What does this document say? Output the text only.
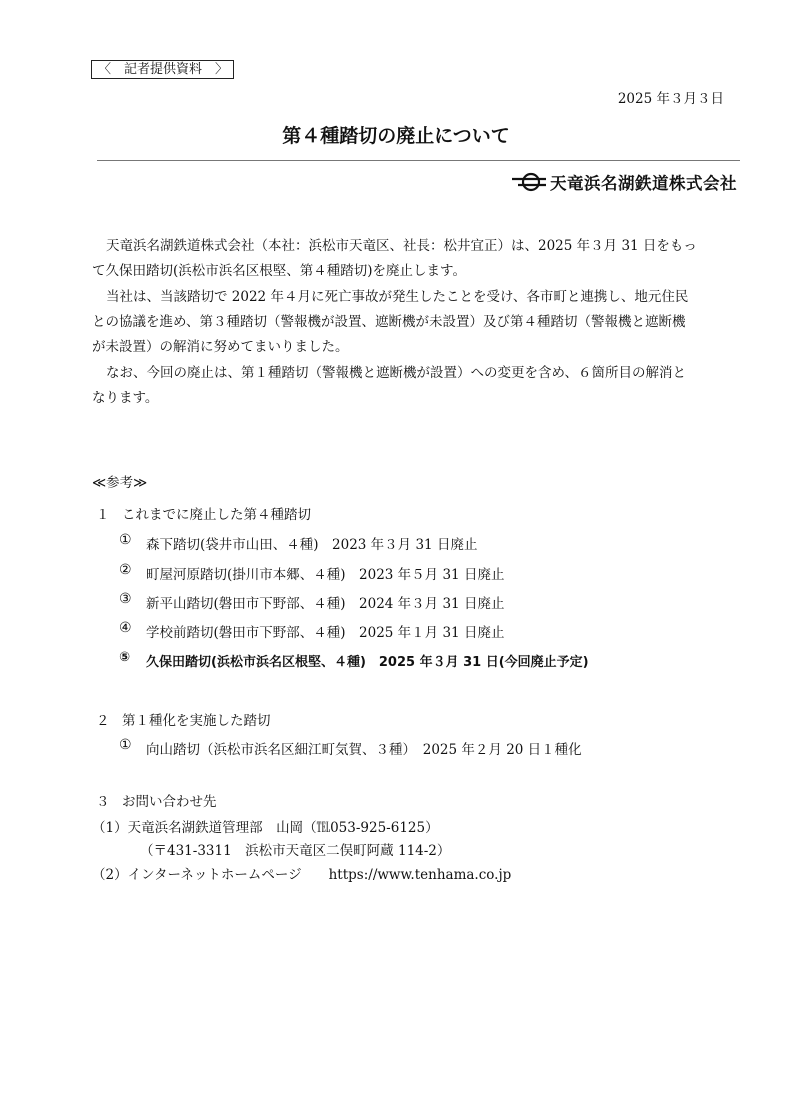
〈　記者提供資料　〉
2025 年３月３日
第４種踏切の廃止について
天竜浜名湖鉄道株式会社
天竜浜名湖鉄道株式会社（本社：浜松市天竜区、社長：松井宜正）は、2025 年３月 31 日をもっ
て久保田踏切(浜松市浜名区根堅、第４種踏切)を廃止します。
当社は、当該踏切で 2022 年４月に死亡事故が発生したことを受け、各市町と連携し、地元住民
との協議を進め、第３種踏切（警報機が設置、遮断機が未設置）及び第４種踏切（警報機と遮断機
が未設置）の解消に努めてまいりました。
なお、今回の廃止は、第１種踏切（警報機と遮断機が設置）への変更を含め、６箇所目の解消と
なります。
≪参考≫
１ これまでに廃止した第４種踏切
① 森下踏切(袋井市山田、４種)　2023 年３月 31 日廃止
② 町屋河原踏切(掛川市本郷、４種)　2023 年５月 31 日廃止
③ 新平山踏切(磐田市下野部、４種)　2024 年３月 31 日廃止
④ 学校前踏切(磐田市下野部、４種)　2025 年１月 31 日廃止
⑤ 久保田踏切(浜松市浜名区根堅、４種)　2025 年３月 31 日(今回廃止予定)
２ 第１種化を実施した踏切
① 向山踏切（浜松市浜名区細江町気賀、３種）　2025 年２月 20 日１種化
３ お問い合わせ先
（1）天竜浜名湖鉄道管理部　山岡（℡053-925-6125）
（〒431-3311　浜松市天竜区二俣町阿蔵 114-2）
（2）インターネットホームページ　　https://www.tenhama.co.jp
